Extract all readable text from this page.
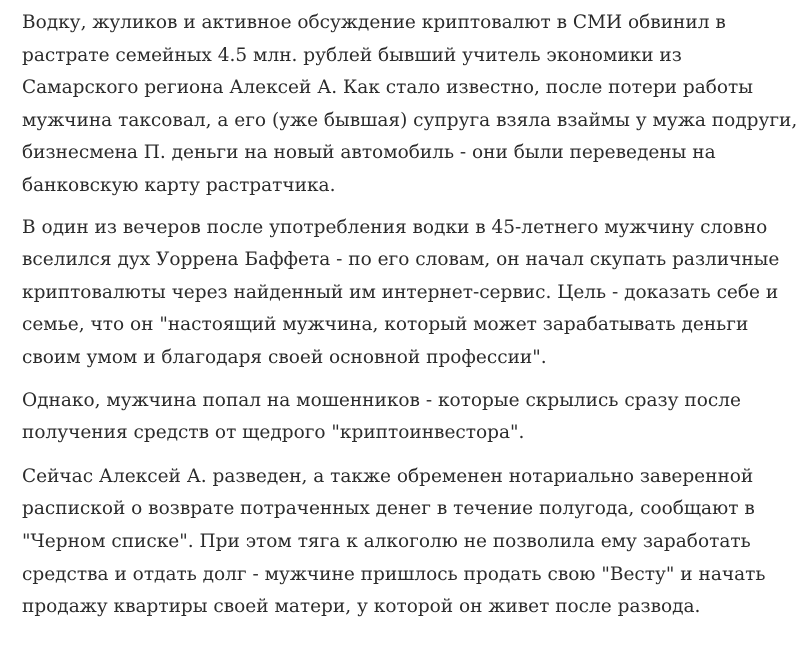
Водку, жуликов и активное обсуждение криптовалют в СМИ обвинил в
растрате семейных 4.5 млн. рублей бывший учитель экономики из
Самарского региона Алексей А. Как стало известно, после потери работы
мужчина таксовал, а его (уже бывшая) супруга взяла взаймы у мужа подруги,
бизнесмена П. деньги на новый автомобиль - они были переведены на
банковскую карту растратчика.

В один из вечеров после употребления водки в 45-летнего мужчину словно
вселился дух Уоррена Баффета - по его словам, он начал скупать различные
криптовалюты через найденный им интернет-сервис. Цель - доказать себе и
семье, что он "настоящий мужчина, который может зарабатывать деньги
своим умом и благодаря своей основной профессии".

Однако, мужчина попал на мошенников - которые скрылись сразу после
получения средств от щедрого "криптоинвестора".

Сейчас Алексей А. разведен, а также обременен нотариально заверенной
распиской о возврате потраченных денег в течение полугода, сообщают в
"Черном списке". При этом тяга к алкоголю не позволила ему заработать
средства и отдать долг - мужчине пришлось продать свою "Весту" и начать
продажу квартиры своей матери, у которой он живет после развода.
